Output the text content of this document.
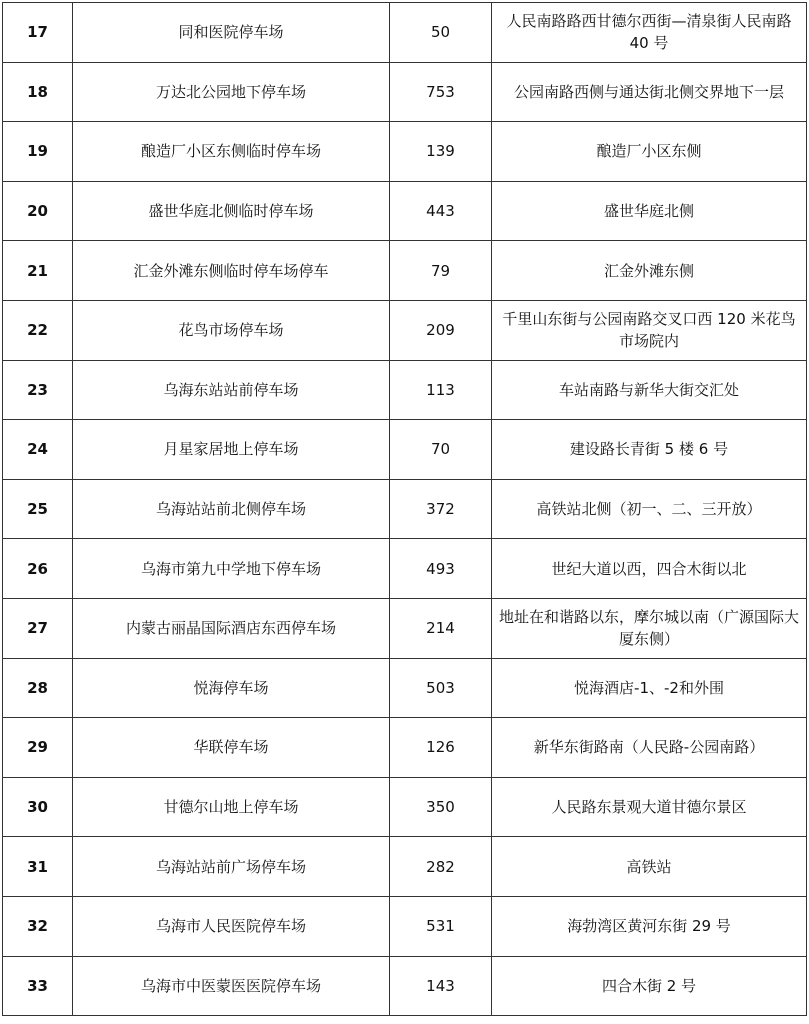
17	同和医院停车场	50	人民南路路西甘德尔西街—清泉街人民南路 40 号
18	万达北公园地下停车场	753	公园南路西侧与通达街北侧交界地下一层
19	酿造厂小区东侧临时停车场	139	酿造厂小区东侧
20	盛世华庭北侧临时停车场	443	盛世华庭北侧
21	汇金外滩东侧临时停车场停车	79	汇金外滩东侧
22	花鸟市场停车场	209	千里山东街与公园南路交叉口西 120 米花鸟市场院内
23	乌海东站站前停车场	113	车站南路与新华大街交汇处
24	月星家居地上停车场	70	建设路长青街 5 楼 6 号
25	乌海站站前北侧停车场	372	高铁站北侧（初一、二、三开放）
26	乌海市第九中学地下停车场	493	世纪大道以西，四合木街以北
27	内蒙古丽晶国际酒店东西停车场	214	地址在和谐路以东，摩尔城以南（广源国际大厦东侧）
28	悦海停车场	503	悦海酒店-1、-2和外围
29	华联停车场	126	新华东街路南（人民路-公园南路）
30	甘德尔山地上停车场	350	人民路东景观大道甘德尔景区
31	乌海站站前广场停车场	282	高铁站
32	乌海市人民医院停车场	531	海勃湾区黄河东街 29 号
33	乌海市中医蒙医医院停车场	143	四合木街 2 号
